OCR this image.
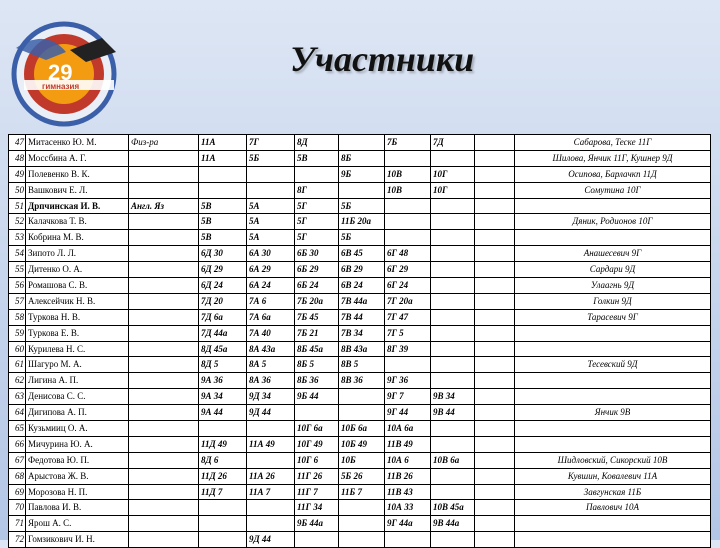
29
гимназия
Участники
47	Митасенко Ю. М.	Физ-ра	11А	7Г	8Д		7Б	7Д		Сабарова, Теске 11Г
48	Моссбина А. Г.		11А	5Б	5В	8Б				Шилова, Янчик 11Г, Кушнер 9Д
49	Полевенко В. К.					9Б	10В	10Г		Осипова, Барлачкп 11Д
50	Вашкович Е. Л.				8Г		10В	10Г		Сомутина 10Г
51	Дрпчинская И. В.	Англ. Яз	5В	5А	5Г	5Б				
52	Калачкова Т. В.		5В	5А	5Г	11Б 20а				Дяник, Родионов 10Г
53	Кобрина М. В.		5В	5А	5Г	5Б				
54	Зипото Л. Л.		6Д 30	6А 30	6Б 30	6В 45	6Г 48			Анашесевич 9Г
55	Дитенко О. А.		6Д 29	6А 29	6Б 29	6В 29	6Г 29			Сардари 9Д
56	Ромашова С. В.		6Д 24	6А 24	6Б 24	6В 24	6Г 24			Улаагнь 9Д
57	Алексейчик Н. В.		7Д 20	7А 6	7Б 20а	7В 44а	7Г 20а			Голкин 9Д
58	Туркова Н. В.		7Д 6а	7А 6а	7Б 45	7В 44	7Г 47			Тарасевич 9Г
59	Туркова Е. В.		7Д 44а	7А 40	7Б 21	7В 34	7Г 5			
60	Курилева Н. С.		8Д 45а	8А 43а	8Б 45а	8В 43а	8Г 39			
61	Шагуро М. А.		8Д 5	8А 5	8Б 5	8В 5				Тесевский 9Д
62	Лигина А. П.		9А 36	8А 36	8Б 36	8В 36	9Г 36			
63	Денисова С. С.		9А 34	9Д 34	9Б 44		9Г 7	9В 34		
64	Дигипова А. П.		9А 44	9Д 44			9Г 44	9В 44		Янчик 9В
65	Кузьмииц О. А.				10Г 6а	10Б 6а	10А 6а			
66	Мичурина Ю. А.		11Д 49	11А 49	10Г 49	10Б 49	11В 49			
67	Федотова Ю. П.		8Д 6		10Г 6	10Б	10А 6	10В 6а		Шидловский, Сикорский 10В
68	Арыстова Ж. В.		11Д 26	11А 26	11Г 26	5Б 26	11В 26			Кувшин, Ковалевич 11А
69	Морозова Н. П.		11Д 7	11А 7	11Г 7	11Б 7	11В 43			Завгунская 11Б
70	Павлова И. В.				11Г 34		10А 33	10В 45а		Павлович 10А
71	Ярош А. С.				9Б 44а		9Г 44а	9В 44а		
72	Гомзикович И. Н.			9Д 44						
